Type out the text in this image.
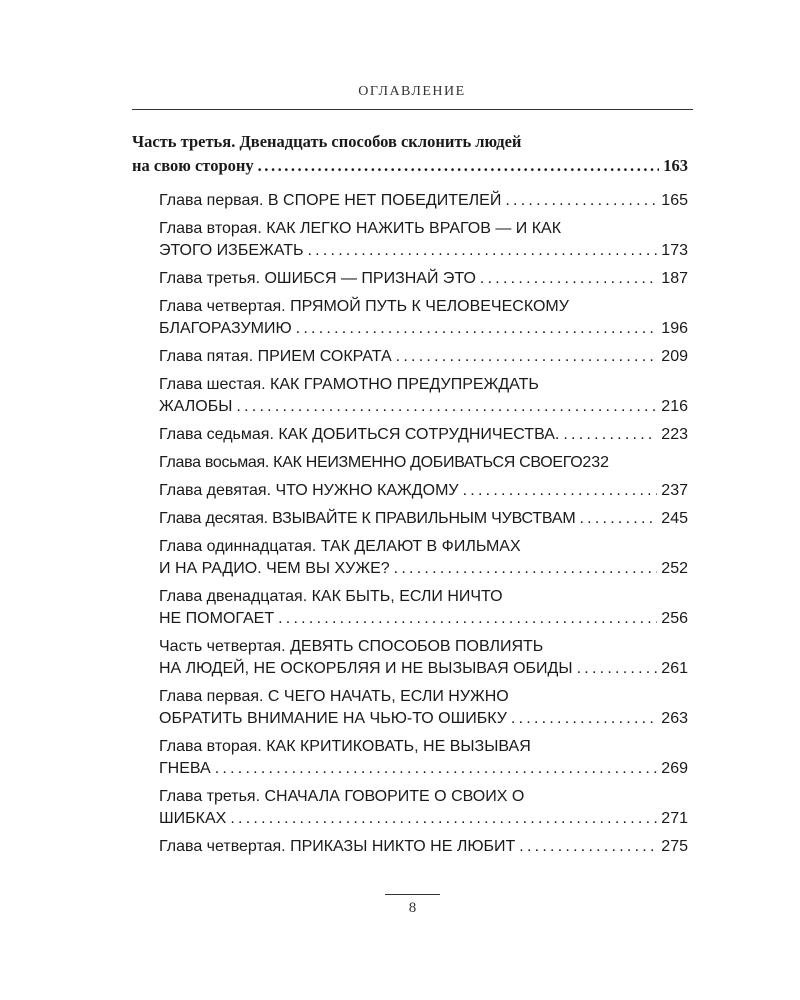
ОГЛАВЛЕНИЕ
Часть третья. Двенадцать способов склонить людей
на свою сторону . . .	163
Глава первая. В СПОРЕ НЕТ ПОБЕДИТЕЛЕЙ . . .	165
Глава вторая. КАК ЛЕГКО НАЖИТЬ ВРАГОВ — И КАК
ЭТОГО ИЗБЕЖАТЬ . . .	173
Глава третья. ОШИБСЯ — ПРИЗНАЙ ЭТО . . .	187
Глава четвертая. ПРЯМОЙ ПУТЬ К ЧЕЛОВЕЧЕСКОМУ
БЛАГОРАЗУМИЮ . . .	196
Глава пятая. ПРИЕМ СОКРАТА . . .	209
Глава шестая. КАК ГРАМОТНО ПРЕДУПРЕЖДАТЬ
ЖАЛОБЫ . . .	216
Глава седьмая. КАК ДОБИТЬСЯ СОТРУДНИЧЕСТВА. . . .	223
Глава восьмая. КАК НЕИЗМЕННО ДОБИВАТЬСЯ СВОЕГО 232
Глава девятая. ЧТО НУЖНО КАЖДОМУ . . .	237
Глава десятая. ВЗЫВАЙТЕ К ПРАВИЛЬНЫМ ЧУВСТВАМ . . .	245
Глава одиннадцатая. ТАК ДЕЛАЮТ В ФИЛЬМАХ
И НА РАДИО. ЧЕМ ВЫ ХУЖЕ? . . .	252
Глава двенадцатая. КАК БЫТЬ, ЕСЛИ НИЧТО
НЕ ПОМОГАЕТ . . .	256
Часть четвертая. ДЕВЯТЬ СПОСОБОВ ПОВЛИЯТЬ
НА ЛЮДЕЙ, НЕ ОСКОРБЛЯЯ И НЕ ВЫЗЫВАЯ ОБИДЫ . . .	261
Глава первая. С ЧЕГО НАЧАТЬ, ЕСЛИ НУЖНО
ОБРАТИТЬ ВНИМАНИЕ НА ЧЬЮ-ТО ОШИБКУ . . .	263
Глава вторая. КАК КРИТИКОВАТЬ, НЕ ВЫЗЫВАЯ
ГНЕВА . . .	269
Глава третья. СНАЧАЛА ГОВОРИТЕ О СВОИХ О
ШИБКАХ . . .	271
Глава четвертая. ПРИКАЗЫ НИКТО НЕ ЛЮБИТ . . .	275
8
